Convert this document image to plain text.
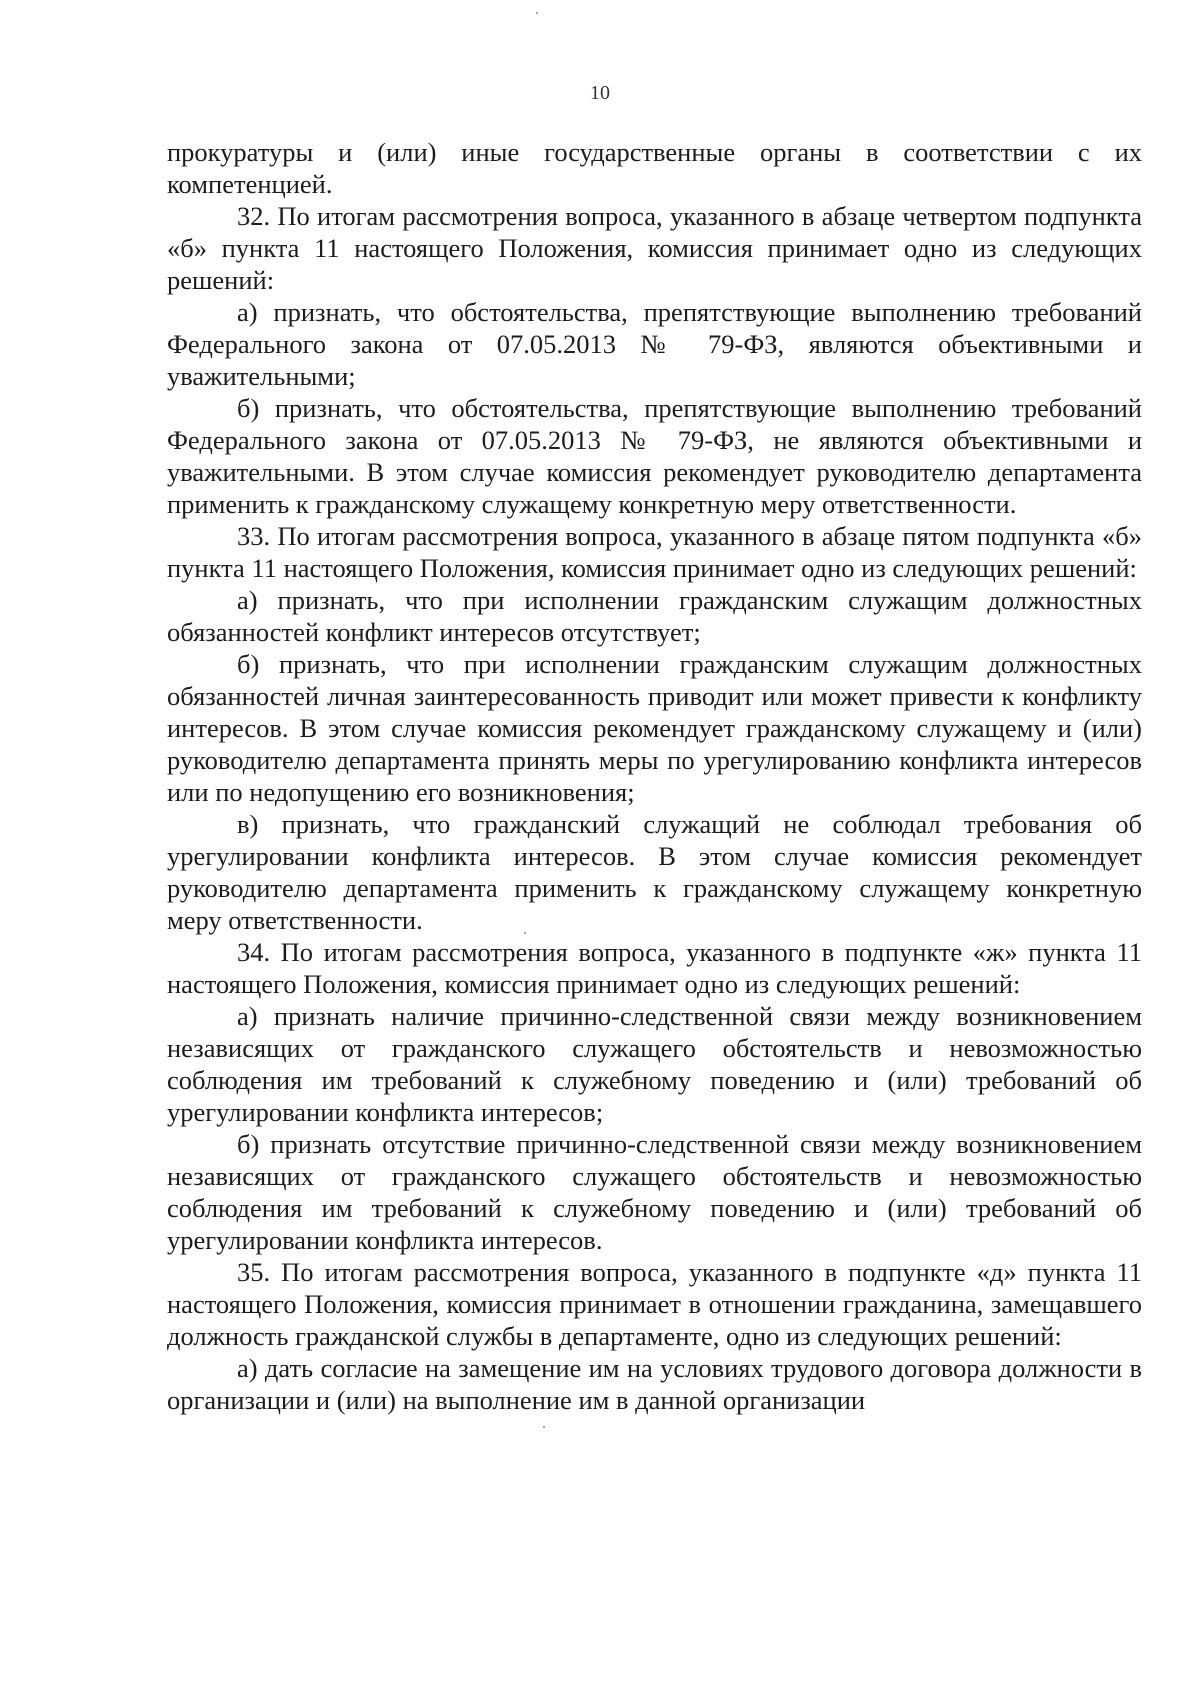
10

прокуратуры и (или) иные государственные органы в соответствии с их компетенцией.

32. По итогам рассмотрения вопроса, указанного в абзаце четвертом подпункта «б» пункта 11 настоящего Положения, комиссия принимает одно из следующих решений:

а) признать, что обстоятельства, препятствующие выполнению требований Федерального закона от 07.05.2013 № 79-ФЗ, являются объективными и уважительными;

б) признать, что обстоятельства, препятствующие выполнению требований Федерального закона от 07.05.2013 № 79-ФЗ, не являются объективными и уважительными. В этом случае комиссия рекомендует руководителю департамента применить к гражданскому служащему конкретную меру ответственности.

33. По итогам рассмотрения вопроса, указанного в абзаце пятом подпункта «б» пункта 11 настоящего Положения, комиссия принимает одно из следующих решений:

а) признать, что при исполнении гражданским служащим должностных обязанностей конфликт интересов отсутствует;

б) признать, что при исполнении гражданским служащим должностных обязанностей личная заинтересованность приводит или может привести к конфликту интересов. В этом случае комиссия рекомендует гражданскому служащему и (или) руководителю департамента принять меры по урегулированию конфликта интересов или по недопущению его возникновения;

в) признать, что гражданский служащий не соблюдал требования об урегулировании конфликта интересов. В этом случае комиссия рекомендует руководителю департамента применить к гражданскому служащему конкретную меру ответственности.

34. По итогам рассмотрения вопроса, указанного в подпункте «ж» пункта 11 настоящего Положения, комиссия принимает одно из следующих решений:

а) признать наличие причинно-следственной связи между возникновением независящих от гражданского служащего обстоятельств и невозможностью соблюдения им требований к служебному поведению и (или) требований об урегулировании конфликта интересов;

б) признать отсутствие причинно-следственной связи между возникновением независящих от гражданского служащего обстоятельств и невозможностью соблюдения им требований к служебному поведению и (или) требований об урегулировании конфликта интересов.

35. По итогам рассмотрения вопроса, указанного в подпункте «д» пункта 11 настоящего Положения, комиссия принимает в отношении гражданина, замещавшего должность гражданской службы в департаменте, одно из следующих решений:

а) дать согласие на замещение им на условиях трудового договора должности в организации и (или) на выполнение им в данной организации
